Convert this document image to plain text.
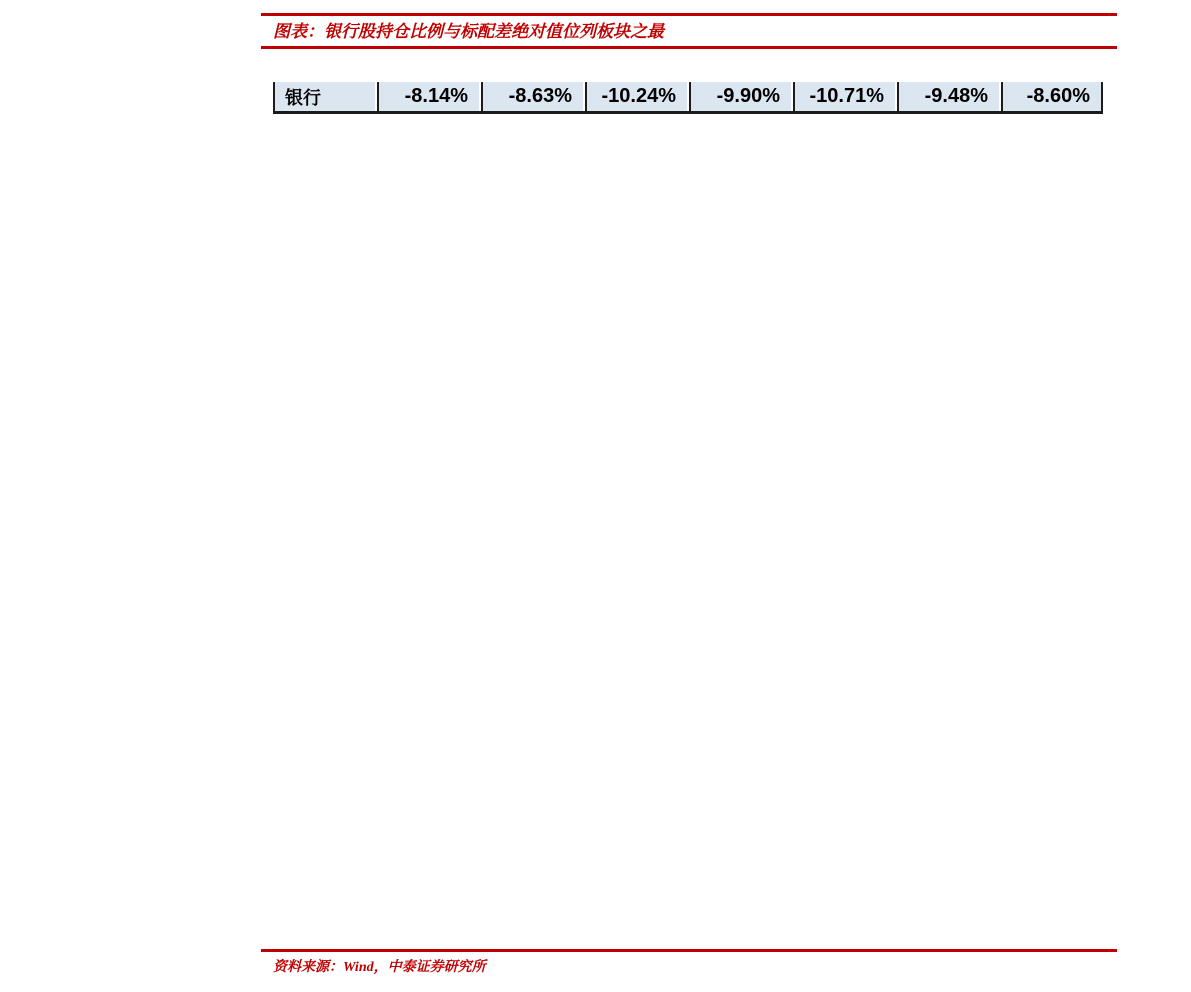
图表：银行股持仓比例与标配差绝对值位列板块之最
银行	-8.14%	-8.63%	-10.24%	-9.90%	-10.71%	-9.48%	-8.60%
资料来源：Wind，中泰证券研究所
